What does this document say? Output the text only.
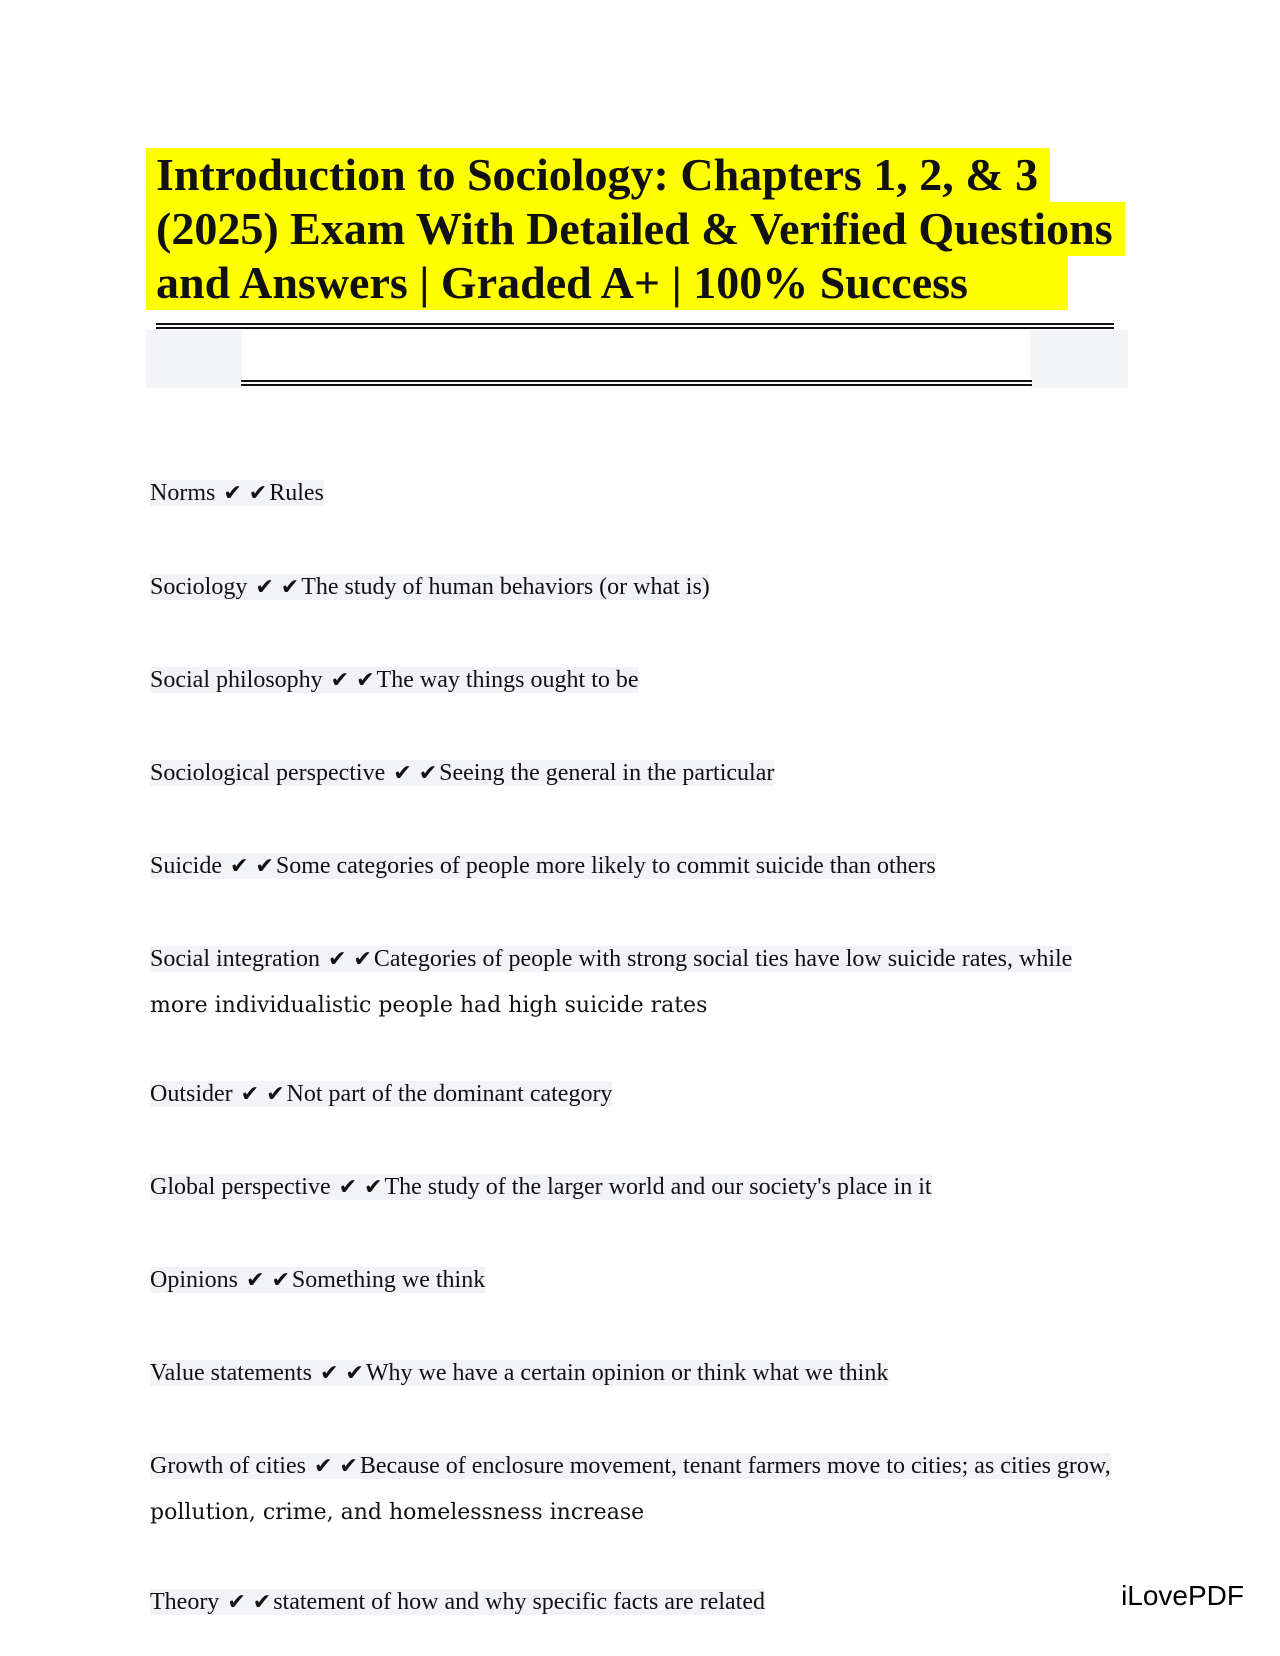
Introduction to Sociology: Chapters 1, 2, & 3
(2025) Exam With Detailed & Verified Questions
and Answers | Graded A+ | 100% Success
Norms ✔ ✔Rules
Sociology ✔ ✔The study of human behaviors (or what is)
Social philosophy ✔ ✔The way things ought to be
Sociological perspective ✔ ✔Seeing the general in the particular
Suicide ✔ ✔Some categories of people more likely to commit suicide than others
Social integration ✔ ✔Categories of people with strong social ties have low suicide rates, while
more individualistic people had high suicide rates
Outsider ✔ ✔Not part of the dominant category
Global perspective ✔ ✔The study of the larger world and our society's place in it
Opinions ✔ ✔Something we think
Value statements ✔ ✔Why we have a certain opinion or think what we think
Growth of cities ✔ ✔Because of enclosure movement, tenant farmers move to cities; as cities grow,
pollution, crime, and homelessness increase
Theory ✔ ✔statement of how and why specific facts are related	iLovePDF
